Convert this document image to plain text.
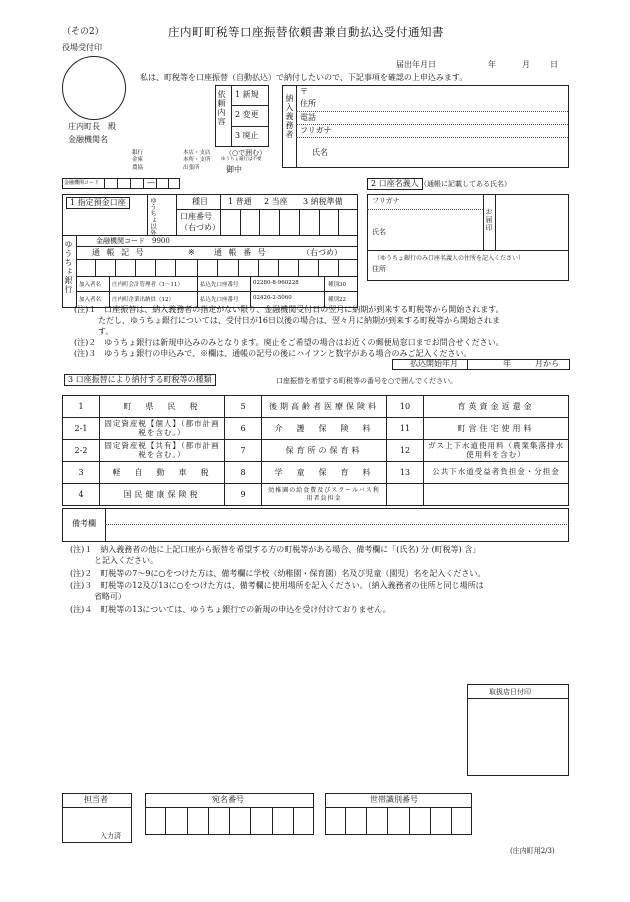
（その2）	庄内町町税等口座振替依頼書兼自動払込受付通知書
役場受付印
届出年月日	年	月	日
私は、町税等を口座振替（自動払込）で納付したいので、下記事項を確認の上申込みます。
庄内町長　殿
金融機関名
依頼内容 1 新規
2 変更
3 廃止
（○で囲む）
納入義務者
〒
住所
電話
フリガナ
氏名
銀行
金庫
農協
本店・支店
本所・支所
出張所
ゆうちょ銀行は不要
御中
金融機関コード	—
1 指定預金口座	ゆうちょ以外	種目	1 普通 2 当座 3 納税準備
口座番号
（右づめ）
ゆうちょ銀行	金融機関コード　9900
通 帳 記 号	※ 通 帳 番 号	（右づめ）
加入者名 庄内町会計管理者（1～11）	払込先口座番号	02280-8-960228	種別30
加入者名 庄内町企業出納員（12）	払込先口座番号	02420-2-5060	種別22
2 口座名義人 （通帳に記載してある氏名）
フリガナ
氏名	お届印
（ゆうちょ銀行のみ口座名義人の住所を記入ください）
住所
(注)１　口座振替は、納入義務者の指定がない限り、金融機関受付日の翌月に納期が到来する町税等から開始されます。
　　　ただし、ゆうちょ銀行については、受付日が16日以後の場合は、翌々月に納期が到来する町税等から開始されま
　　　す。
(注)２　ゆうちょ銀行は新規申込みのみとなります。廃止をご希望の場合はお近くの郵便局窓口までお問合せください。
(注)３　ゆうちょ銀行の申込みで、※欄は、通帳の記号の後にハイフンと数字がある場合のみご記入ください。
払込開始年月	年	月から
3 口座振替により納付する町税等の種類	口座振替を希望する町税等の番号を○で囲んでください。
1	町　県　民　税	5	後期高齢者医療保険料	10	育英資金返還金
2-1	固定資産税【個人】（都市計画税を含む。）	6	介　護　保　険　料	11	町営住宅使用料
2-2	固定資産税【共有】（都市計画税を含む。）	7	保育所の保育料	12	ガス上下水道使用料（農業集落排水使用料を含む）
3	軽　自　動　車　税	8	学　童　保　育　料	13	公共下水道受益者負担金・分担金
4	国民健康保険税	9	幼稚園の給食費及びスクールバス利用者負担金		
備考欄
(注)１　納入義務者の他に上記口座から振替を希望する方の町税等がある場合、備考欄に「(氏名) 分 (町税等) 含」
　　　と記入ください。
(注)２　町税等の7～9に○をつけた方は、備考欄に学校（幼稚園・保育園）名及び児童（園児）名を記入ください。
(注)３　町税等の12及び13に○をつけた方は、備考欄に使用場所を記入ください。（納入義務者の住所と同じ場所は
　　　省略可）
(注)４　町税等の13については、ゆうちょ銀行での新規の申込を受け付けておりません。
取扱店日付印
担当者
入力済
宛名番号	世帯識別番号
(庄内町用2/3)
